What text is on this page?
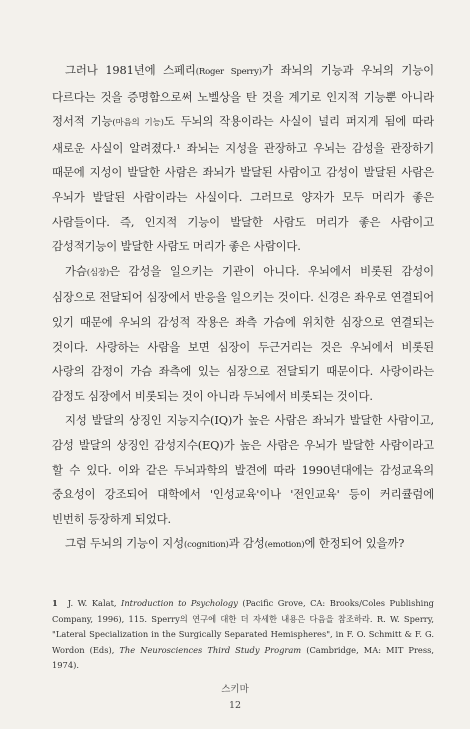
그러나 1981년에 스페리(Roger Sperry)가 좌뇌의 기능과 우뇌의 기능이 다르다는 것을 증명함으로써 노벨상을 탄 것을 계기로 인지적 기능뿐 아니라 정서적 기능(마음의 기능)도 두뇌의 작용이라는 사실이 널리 퍼지게 됨에 따라 새로운 사실이 알려졌다.¹ 좌뇌는 지성을 관장하고 우뇌는 감성을 관장하기 때문에 지성이 발달한 사람은 좌뇌가 발달된 사람이고 감성이 발달된 사람은 우뇌가 발달된 사람이라는 사실이다. 그러므로 양자가 모두 머리가 좋은 사람들이다. 즉, 인지적 기능이 발달한 사람도 머리가 좋은 사람이고 감성적기능이 발달한 사람도 머리가 좋은 사람이다.

가슴(심장)은 감성을 일으키는 기관이 아니다. 우뇌에서 비롯된 감성이 심장으로 전달되어 심장에서 반응을 일으키는 것이다. 신경은 좌우로 연결되어 있기 때문에 우뇌의 감성적 작용은 좌측 가슴에 위치한 심장으로 연결되는 것이다. 사랑하는 사람을 보면 심장이 두근거리는 것은 우뇌에서 비롯된 사랑의 감정이 가슴 좌측에 있는 심장으로 전달되기 때문이다. 사랑이라는 감정도 심장에서 비롯되는 것이 아니라 두뇌에서 비롯되는 것이다.

지성 발달의 상징인 지능지수(IQ)가 높은 사람은 좌뇌가 발달한 사람이고, 감성 발달의 상징인 감성지수(EQ)가 높은 사람은 우뇌가 발달한 사람이라고 할 수 있다. 이와 같은 두뇌과학의 발견에 따라 1990년대에는 감성교육의 중요성이 강조되어 대학에서 '인성교육'이나 '전인교육' 등이 커리큘럼에 빈번히 등장하게 되었다.

그럼 두뇌의 기능이 지성(cognition)과 감성(emotion)에 한정되어 있을까?

1 J. W. Kalat, Introduction to Psychology (Pacific Grove, CA: Brooks/Coles Publishing Company, 1996), 115. Sperry의 연구에 대한 더 자세한 내용은 다음을 참조하라. R. W. Sperry, "Lateral Specialization in the Surgically Separated Hemispheres", in F. O. Schmitt & F. G. Wordon (Eds), The Neurosciences Third Study Program (Cambridge, MA: MIT Press, 1974).
스키마
12
